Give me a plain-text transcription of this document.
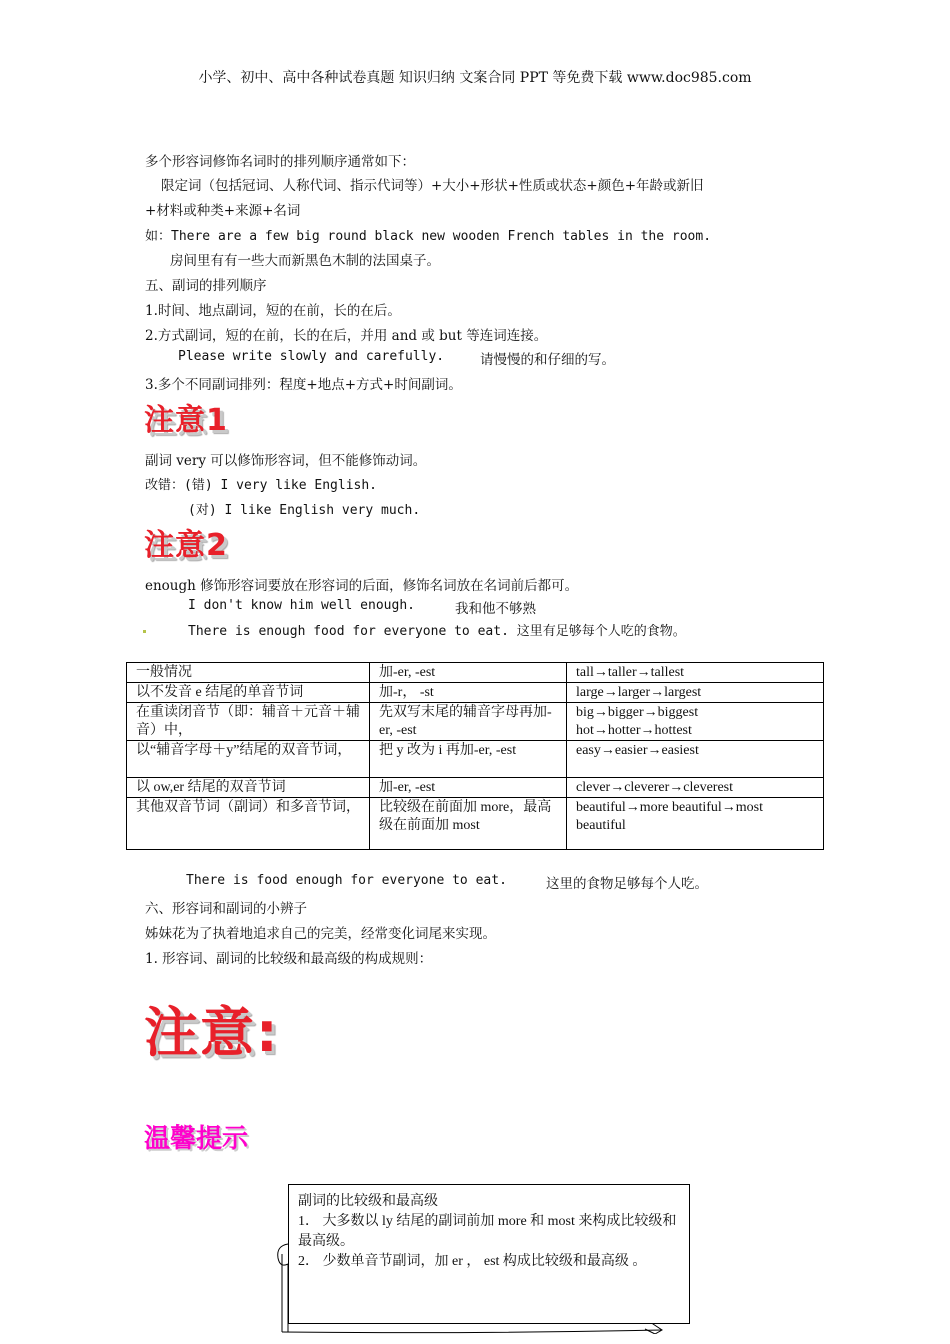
小学、初中、高中各种试卷真题 知识归纳 文案合同 PPT 等免费下载 www.doc985.com
多个形容词修饰名词时的排列顺序通常如下：
限定词（包括冠词、人称代词、指示代词等）+大小+形状+性质或状态+颜色+年龄或新旧
+材料或种类+来源+名词
如：There are a few big round black new wooden French tables in the room.
房间里有有一些大而新黑色木制的法国桌子。
五、副词的排列顺序
1.时间、地点副词，短的在前，长的在后。
2.方式副词，短的在前，长的在后，并用 and 或 but 等连词连接。
Please write slowly and carefully.	请慢慢的和仔细的写。
3.多个不同副词排列：程度+地点+方式+时间副词。
注意1
副词 very 可以修饰形容词，但不能修饰动词。
改错：(错) I very like English.
(对) I like English very much.
注意2
enough 修饰形容词要放在形容词的后面，修饰名词放在名词前后都可。
I don't know him well enough.	我和他不够熟
There is enough food for everyone to eat. 这里有足够每个人吃的食物。
一般情况	加-er, -est	tall→taller→tallest
以不发音 e 结尾的单音节词	加-r， -st	large→larger→largest
在重读闭音节（即：辅音＋元音＋辅音）中，	先双写末尾的辅音字母再加-er, -est	big→bigger→biggest hot→hotter→hottest
以“辅音字母＋y”结尾的双音节词，	把 y 改为 i 再加-er, -est	easy→easier→easiest
以 ow,er 结尾的双音节词	加-er, -est	clever→cleverer→cleverest
其他双音节词（副词）和多音节词，	比较级在前面加 more，最高级在前面加 most	beautiful→more beautiful→most beautiful
There is food enough for everyone to eat.	这里的食物足够每个人吃。
六、形容词和副词的小辨子
姊妹花为了执着地追求自己的完美，经常变化词尾来实现。
1. 形容词、副词的比较级和最高级的构成规则：
注意:
温馨提示
副词的比较级和最高级
1． 大多数以 ly 结尾的副词前加 more 和 most 来构成比较级和最高级。
2． 少数单音节副词，加 er ， est 构成比较级和最高级 。
